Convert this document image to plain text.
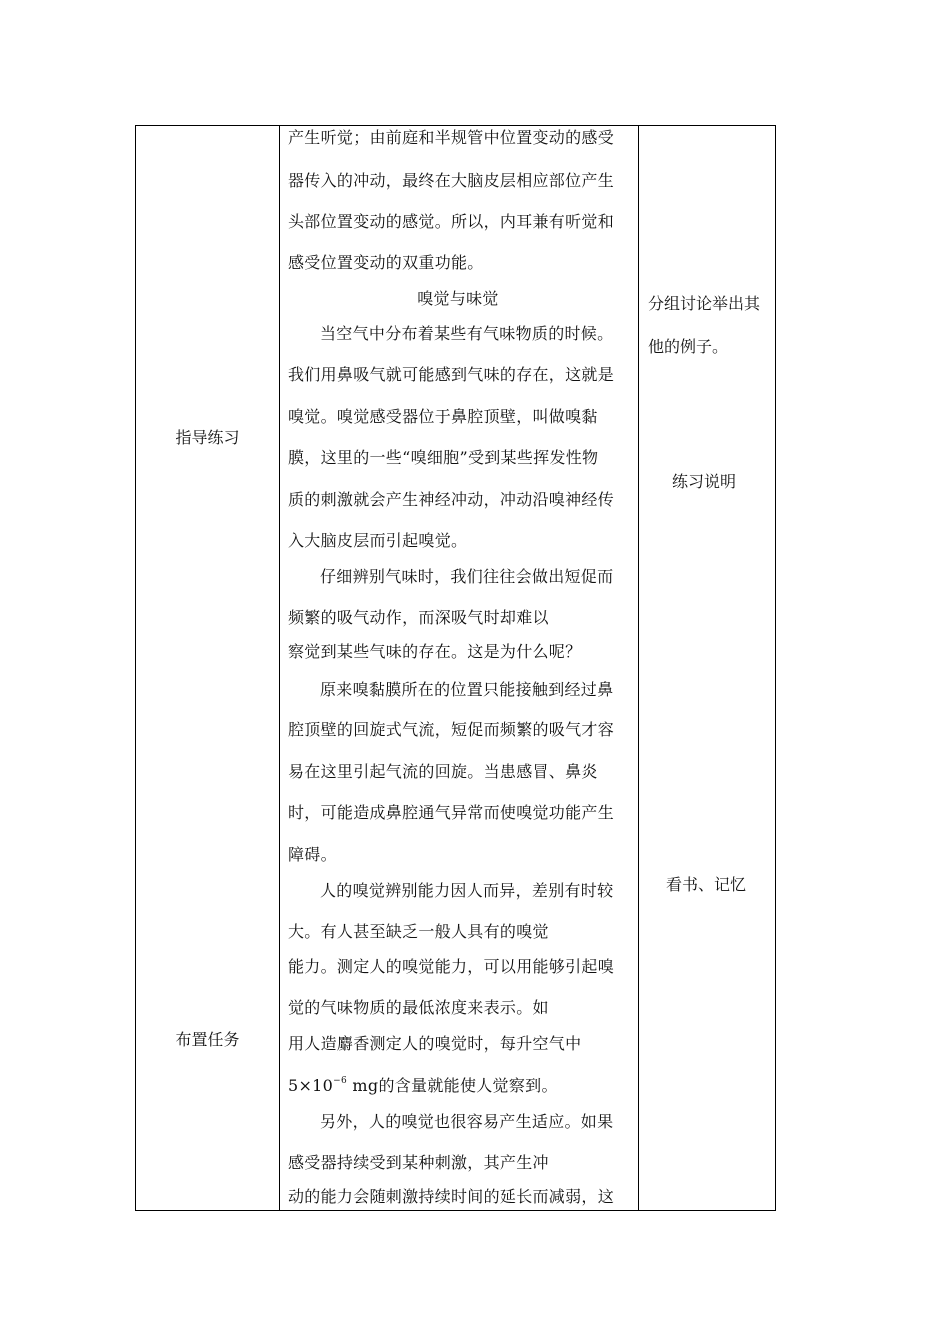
指导练习
布置任务
分组讨论举出其
他的例子。
练习说明
看书、记忆
产生听觉；由前庭和半规管中位置变动的感受
器传入的冲动，最终在大脑皮层相应部位产生
头部位置变动的感觉。所以，内耳兼有听觉和
感受位置变动的双重功能。
嗅觉与味觉
当空气中分布着某些有气味物质的时候。
我们用鼻吸气就可能感到气味的存在，这就是
嗅觉。嗅觉感受器位于鼻腔顶壁，叫做嗅黏
膜，这里的一些“嗅细胞”受到某些挥发性物
质的刺激就会产生神经冲动，冲动沿嗅神经传
入大脑皮层而引起嗅觉。
仔细辨别气味时，我们往往会做出短促而
频繁的吸气动作，而深吸气时却难以
察觉到某些气味的存在。这是为什么呢？
原来嗅黏膜所在的位置只能接触到经过鼻
腔顶壁的回旋式气流，短促而频繁的吸气才容
易在这里引起气流的回旋。当患感冒、鼻炎
时，可能造成鼻腔通气异常而使嗅觉功能产生
障碍。
人的嗅觉辨别能力因人而异，差别有时较
大。有人甚至缺乏一般人具有的嗅觉
能力。测定人的嗅觉能力，可以用能够引起嗅
觉的气味物质的最低浓度来表示。如
用人造麝香测定人的嗅觉时，每升空气中
$5\times 10^{-6}$ mg的含量就能使人觉察到。
另外，人的嗅觉也很容易产生适应。如果
感受器持续受到某种刺激，其产生冲
动的能力会随刺激持续时间的延长而减弱，这
